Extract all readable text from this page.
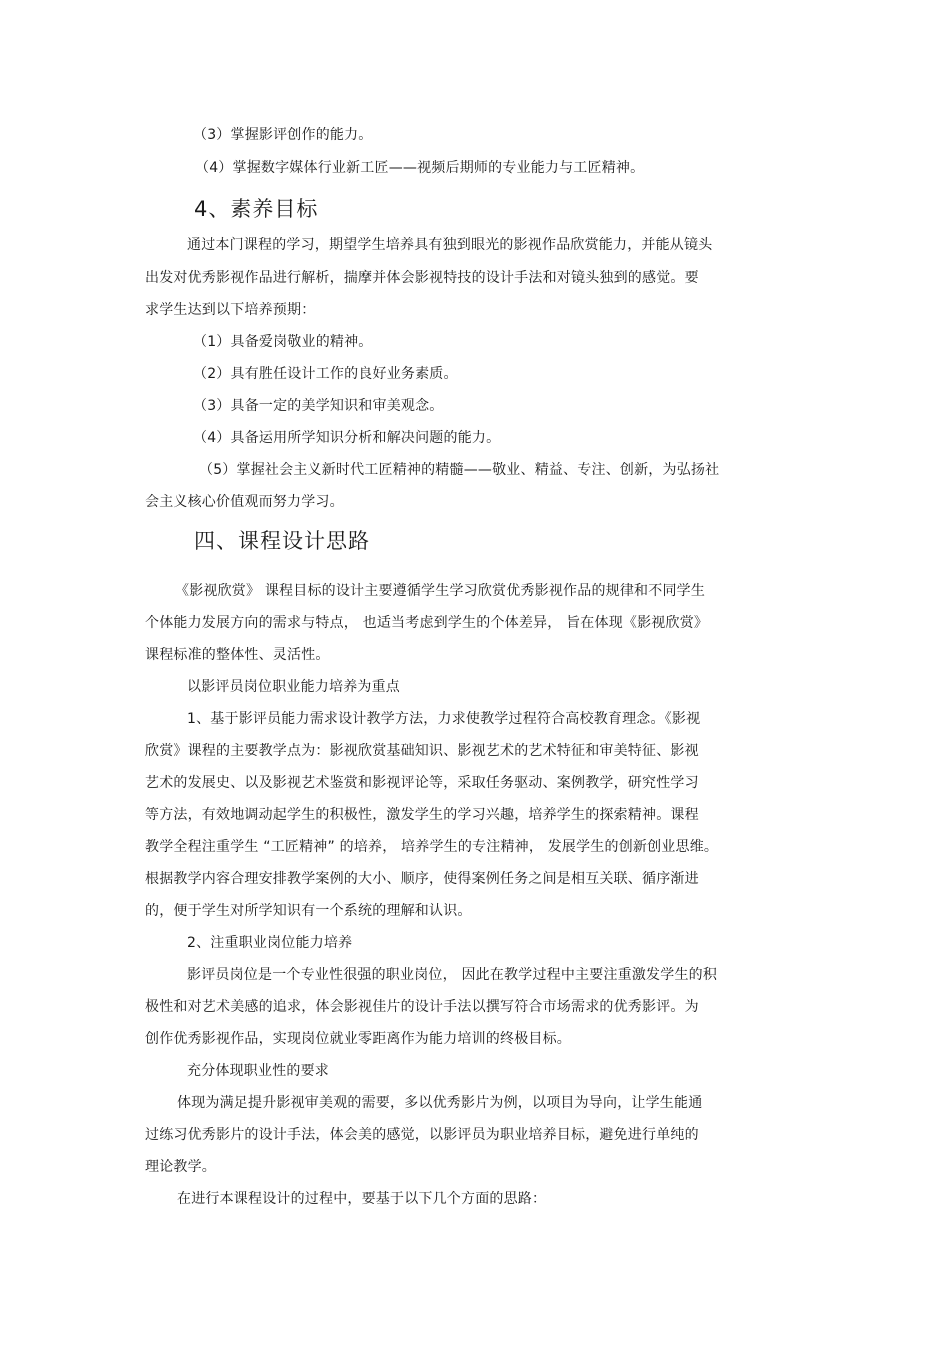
（3）掌握影评创作的能力。
（4）掌握数字媒体行业新工匠——视频后期师的专业能力与工匠精神。
4、素养目标
通过本门课程的学习，期望学生培养具有独到眼光的影视作品欣赏能力，并能从镜头
出发对优秀影视作品进行解析，揣摩并体会影视特技的设计手法和对镜头独到的感觉。要
求学生达到以下培养预期：
（1）具备爱岗敬业的精神。
（2）具有胜任设计工作的良好业务素质。
（3）具备一定的美学知识和审美观念。
（4）具备运用所学知识分析和解决问题的能力。
（5）掌握社会主义新时代工匠精神的精髓——敬业、精益、专注、创新，为弘扬社
会主义核心价值观而努力学习。
四、课程设计思路
《影视欣赏》 课程目标的设计主要遵循学生学习欣赏优秀影视作品的规律和不同学生
个体能力发展方向的需求与特点， 也适当考虑到学生的个体差异， 旨在体现《影视欣赏》
课程标准的整体性、灵活性。
以影评员岗位职业能力培养为重点
1、基于影评员能力需求设计教学方法，力求使教学过程符合高校教育理念。《影视
欣赏》课程的主要教学点为：影视欣赏基础知识、影视艺术的艺术特征和审美特征、影视
艺术的发展史、以及影视艺术鉴赏和影视评论等，采取任务驱动、案例教学，研究性学习
等方法，有效地调动起学生的积极性，激发学生的学习兴趣，培养学生的探索精神。课程
教学全程注重学生 “工匠精神” 的培养， 培养学生的专注精神， 发展学生的创新创业思维。
根据教学内容合理安排教学案例的大小、顺序，使得案例任务之间是相互关联、循序渐进
的，便于学生对所学知识有一个系统的理解和认识。
2、注重职业岗位能力培养
影评员岗位是一个专业性很强的职业岗位， 因此在教学过程中主要注重激发学生的积
极性和对艺术美感的追求，体会影视佳片的设计手法以撰写符合市场需求的优秀影评。为
创作优秀影视作品，实现岗位就业零距离作为能力培训的终极目标。
充分体现职业性的要求
体现为满足提升影视审美观的需要，多以优秀影片为例，以项目为导向，让学生能通
过练习优秀影片的设计手法，体会美的感觉，以影评员为职业培养目标，避免进行单纯的
理论教学。
在进行本课程设计的过程中，要基于以下几个方面的思路：
